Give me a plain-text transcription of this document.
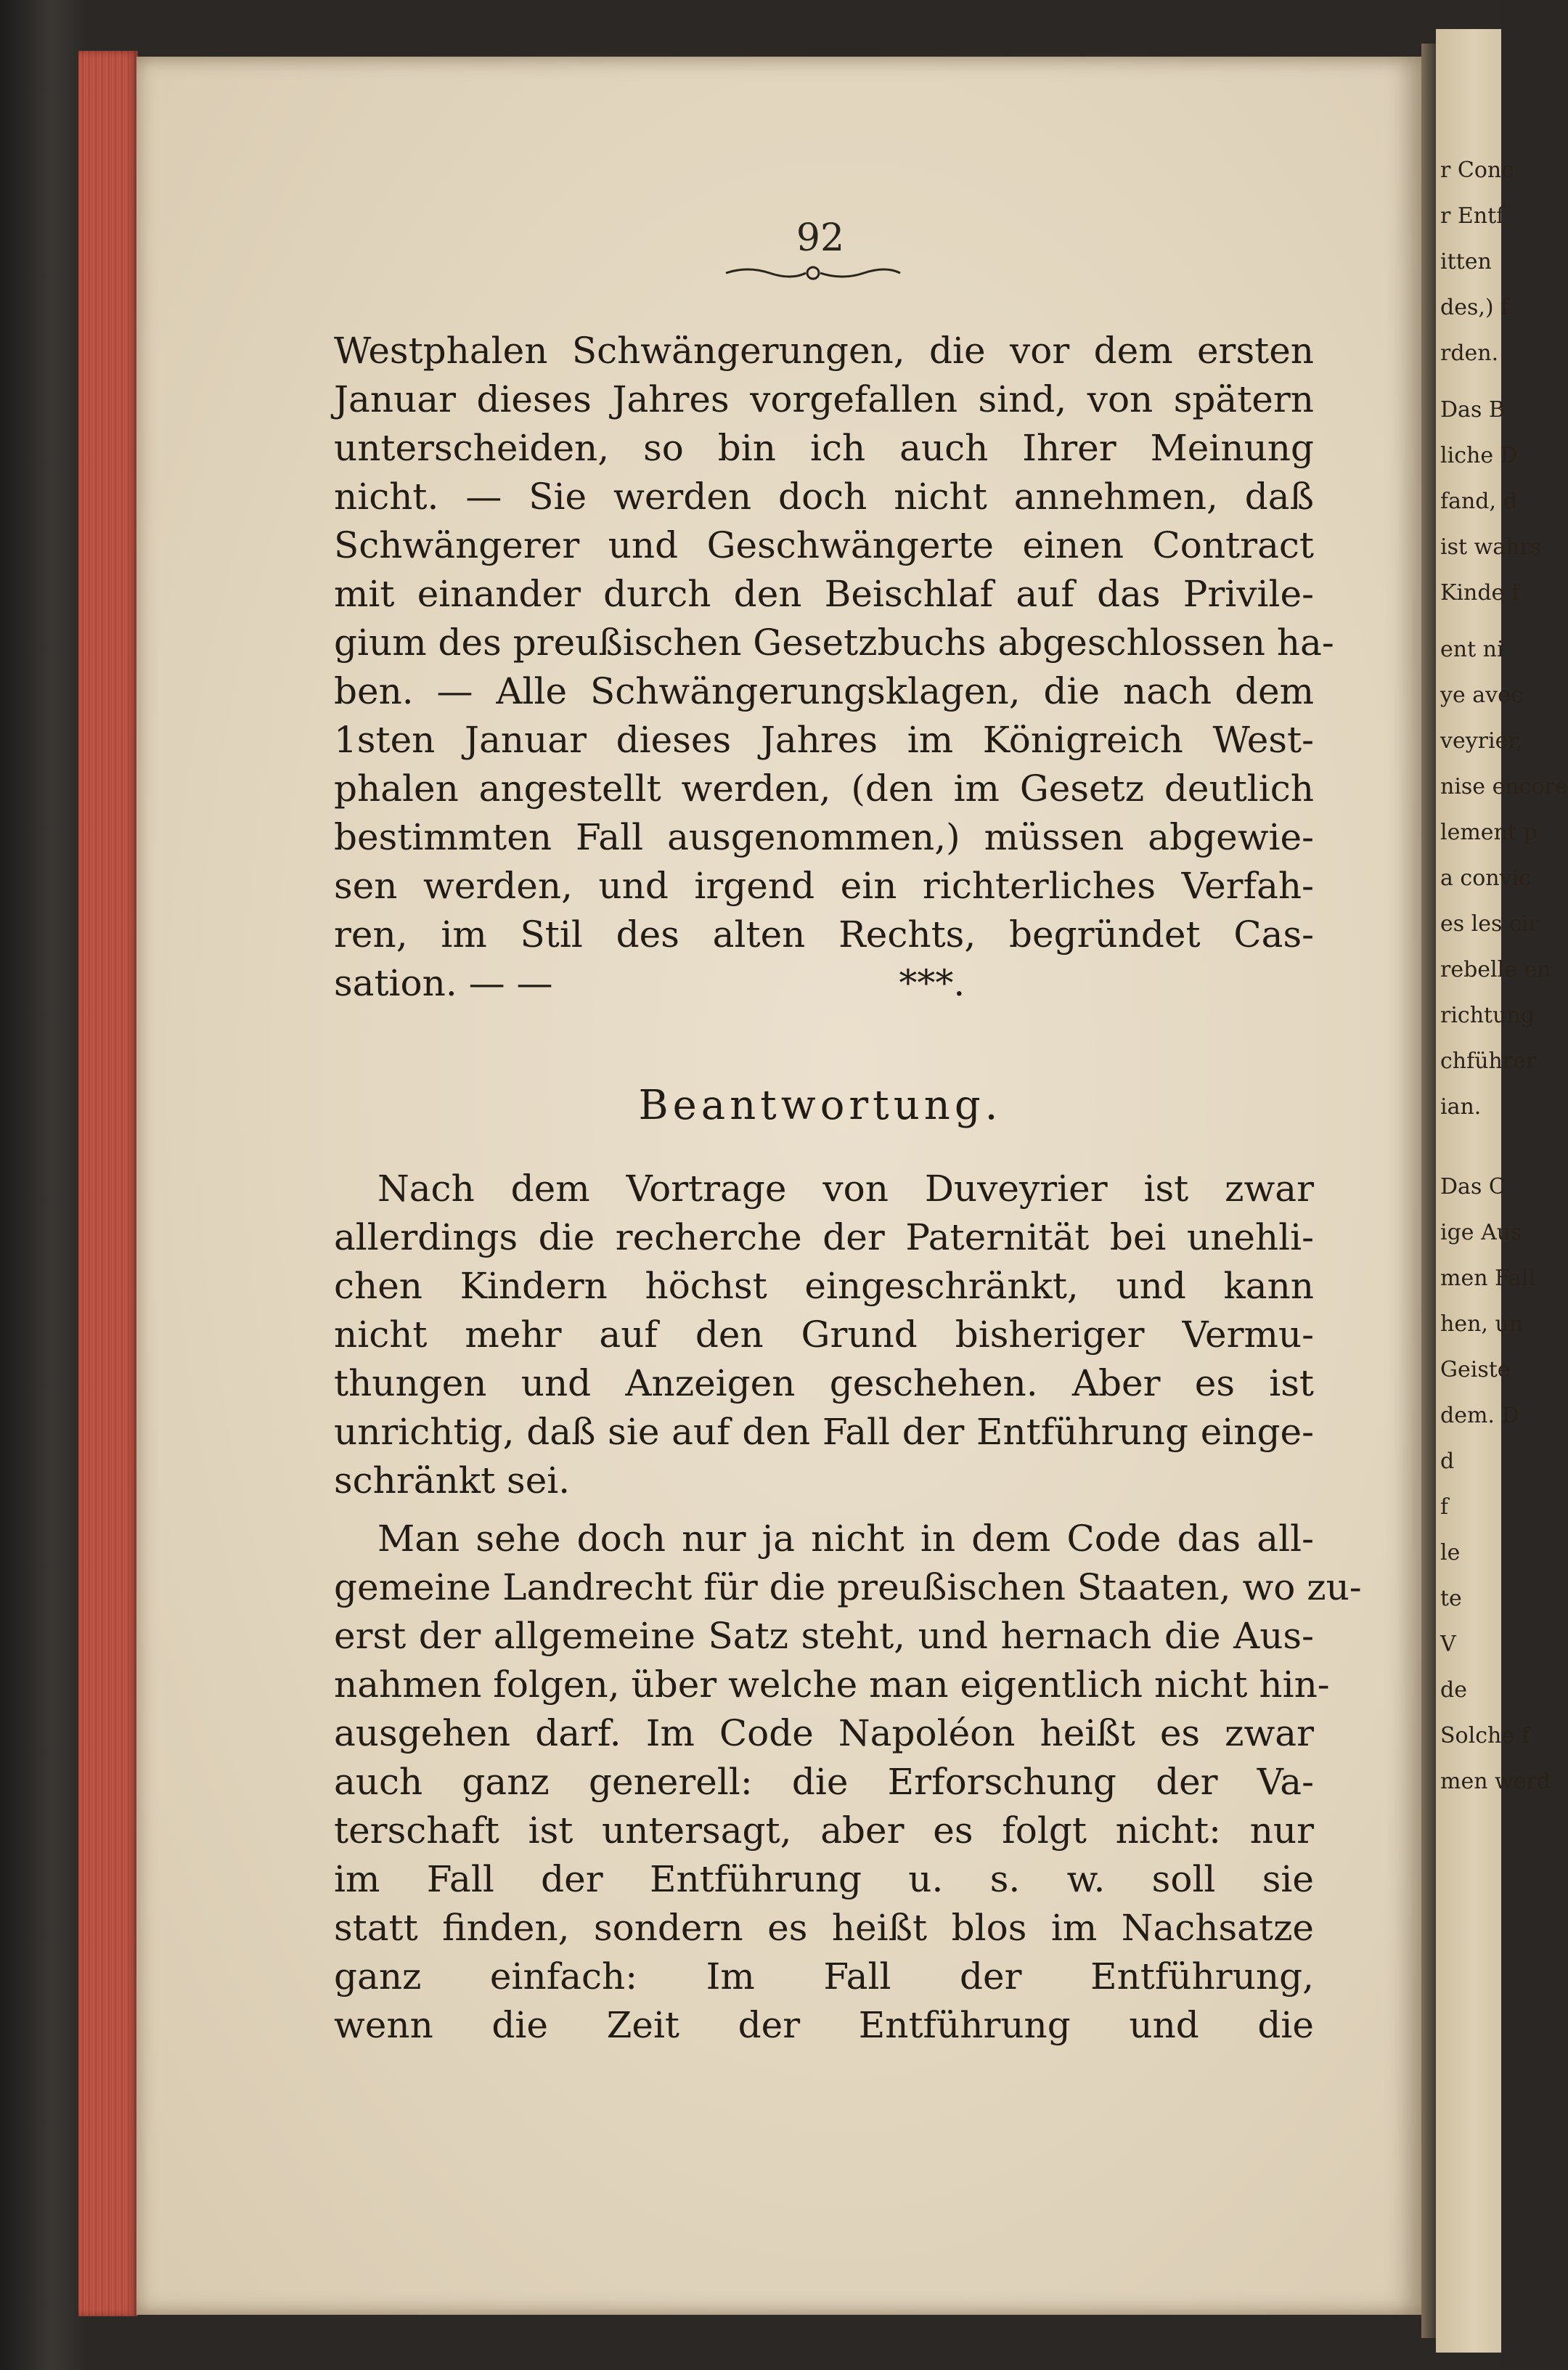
r Conc
r Entf
itten
des,) f
rden.
Das B
liche D
fand, d
ist wahrs
Kinde f
ent ni
ye avec
veyrier,
nise encore
lement p
a convic
es les cir
rebelle en
richtung
chführer
ian.
Das C
ige Aus
men Fall
hen, un
Geiste
dem. D
d
f
le
te
V
de
Solche f
men werd
92
Westphalen Schwängerungen, die vor dem ersten
Januar dieses Jahres vorgefallen sind, von spätern
unterscheiden, so bin ich auch Ihrer Meinung
nicht. — Sie werden doch nicht annehmen, daß
Schwängerer und Geschwängerte einen Contract
mit einander durch den Beischlaf auf das Privile-
gium des preußischen Gesetzbuchs abgeschlossen ha-
ben. — Alle Schwängerungsklagen, die nach dem
1sten Januar dieses Jahres im Königreich West-
phalen angestellt werden, (den im Gesetz deutlich
bestimmten Fall ausgenommen,) müssen abgewie-
sen werden, und irgend ein richterliches Verfah-
ren, im Stil des alten Rechts, begründet Cas-
sation. — —                              ***.
Beantwortung.
Nach dem Vortrage von Duveyrier ist zwar
allerdings die recherche der Paternität bei unehli-
chen Kindern höchst eingeschränkt, und kann
nicht mehr auf den Grund bisheriger Vermu-
thungen und Anzeigen geschehen. Aber es ist
unrichtig, daß sie auf den Fall der Entführung einge-
schränkt sei.
Man sehe doch nur ja nicht in dem Code das all-
gemeine Landrecht für die preußischen Staaten, wo zu-
erst der allgemeine Satz steht, und hernach die Aus-
nahmen folgen, über welche man eigentlich nicht hin-
ausgehen darf. Im Code Napoléon heißt es zwar
auch ganz generell: die Erforschung der Va-
terschaft ist untersagt, aber es folgt nicht: nur
im Fall der Entführung u. s. w. soll sie
statt finden, sondern es heißt blos im Nachsatze
ganz einfach: Im Fall der Entführung,
wenn die Zeit der Entführung und die
